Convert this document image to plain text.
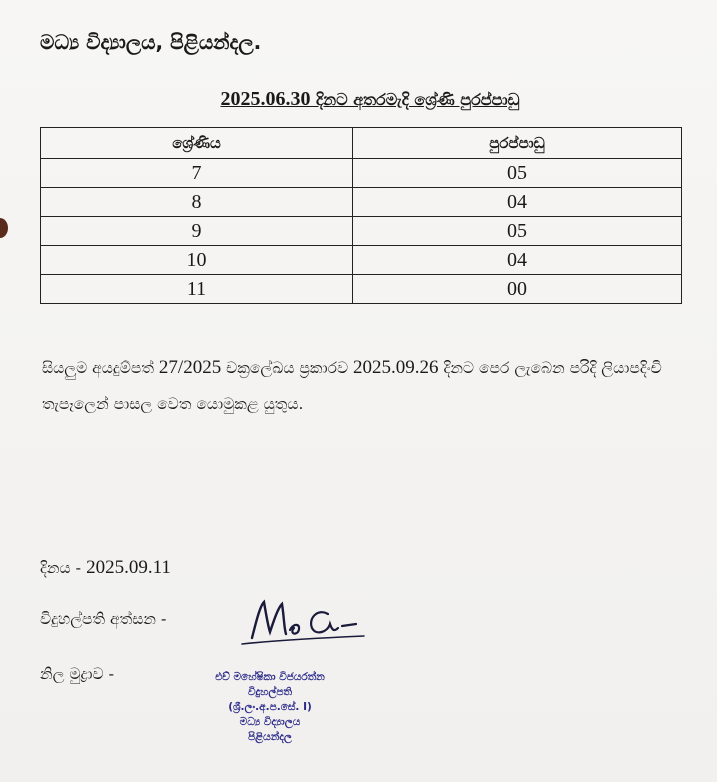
මධ්‍ය විද්‍යාලය, පිළියන්දල.
2025.06.30 දිනට අතරමැදි ශ්‍රේණි පුරප්පාඩු
ශ්‍රේණිය	පුරප්පාඩු
7	05
8	04
9	05
10	04
11	00
සියලුම අයදුම්පත් 27/2025 චක්‍රලේඛය ප්‍රකාරව 2025.09.26 දිනට පෙර ලැබෙන පරිදි ලියාපදිංචි තැපෑලෙන් පාසල වෙත යොමුකළ යුතුය.
දිනය - 2025.09.11
විදුහල්පති අත්සන -
නිල මුද්‍රාව -	එච් මහේෂිකා විජයරත්න
විදුහල්පති
(ශ්‍රී.ලං.අ.ප.සේ. I)
මධ්‍ය විද්‍යාලය
පිළියන්දල
